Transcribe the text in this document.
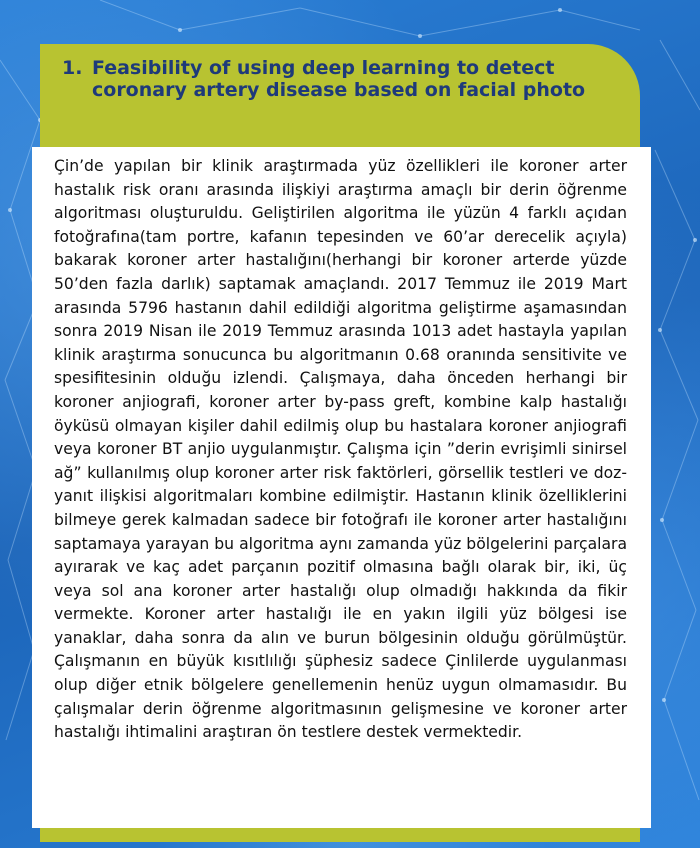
1. Feasibility of using deep learning to detect coronary artery disease based on facial photo

Çin’de yapılan bir klinik araştırmada yüz özellikleri ile koroner arter hastalık risk oranı arasında ilişkiyi araştırma amaçlı bir derin öğrenme algoritması oluşturuldu. Geliştirilen algoritma ile yüzün 4 farklı açıdan fotoğrafına(tam portre, kafanın tepesinden ve 60’ar derecelik açıyla) bakarak koroner arter hastalığını(herhangi bir koroner arterde yüzde 50’den fazla darlık) saptamak amaçlandı. 2017 Temmuz ile 2019 Mart arasında 5796 hastanın dahil edildiği algoritma geliştirme aşamasından sonra 2019 Nisan ile 2019 Temmuz arasında 1013 adet hastayla yapılan klinik araştırma sonucunca bu algoritmanın 0.68 oranında sensitivite ve spesifitesinin olduğu izlendi. Çalışmaya, daha önceden herhangi bir koroner anjiografi, koroner arter by-pass greft, kombine kalp hastalığı öyküsü olmayan kişiler dahil edilmiş olup bu hastalara koroner anjiografi veya koroner BT anjio uygulanmıştır. Çalışma için ”derin evrişimli sinirsel ağ” kullanılmış olup koroner arter risk faktörleri, görsellik testleri ve doz-yanıt ilişkisi algoritmaları kombine edilmiştir. Hastanın klinik özelliklerini bilmeye gerek kalmadan sadece bir fotoğrafı ile koroner arter hastalığını saptamaya yarayan bu algoritma aynı zamanda yüz bölgelerini parçalara ayırarak ve kaç adet parçanın pozitif olmasına bağlı olarak bir, iki, üç veya sol ana koroner arter hastalığı olup olmadığı hakkında da fikir vermekte. Koroner arter hastalığı ile en yakın ilgili yüz bölgesi ise yanaklar, daha sonra da alın ve burun bölgesinin olduğu görülmüştür. Çalışmanın en büyük kısıtlılığı şüphesiz sadece Çinlilerde uygulanması olup diğer etnik bölgelere genellemenin henüz uygun olmamasıdır. Bu çalışmalar derin öğrenme algoritmasının gelişmesine ve koroner arter hastalığı ihtimalini araştıran ön testlere destek vermektedir.
